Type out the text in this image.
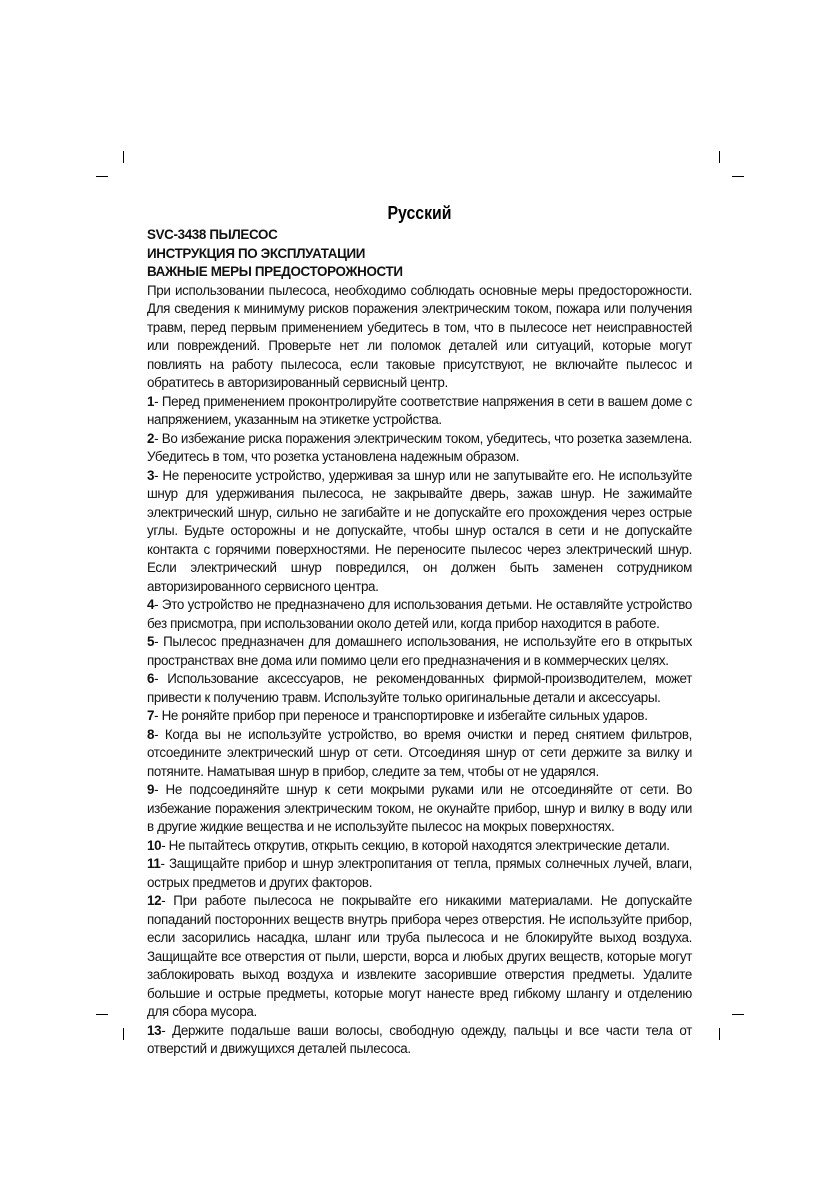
Русский

SVC-3438 ПЫЛЕСОС

ИНСТРУКЦИЯ ПО ЭКСПЛУАТАЦИИ

ВАЖНЫЕ МЕРЫ ПРЕДОСТОРОЖНОСТИ

При использовании пылесоса, необходимо соблюдать основные меры предосторожности. Для сведения к минимуму рисков поражения электрическим током, пожара или получения травм, перед первым применением убедитесь в том, что в пылесосе нет неисправностей или повреждений. Проверьте нет ли поломок деталей или ситуаций, которые могут повлиять на работу пылесоса, если таковые присутствуют, не включайте пылесос и обратитесь в авторизированный сервисный центр.

1- Перед применением проконтролируйте соответствие напряжения в сети в вашем доме с напряжением, указанным на этикетке устройства.

2- Во избежание риска поражения электрическим током, убедитесь, что розетка заземлена. Убедитесь в том, что розетка установлена надежным образом.

3- Не переносите устройство, удерживая за шнур или не запутывайте его. Не используйте шнур для удерживания пылесоса, не закрывайте дверь, зажав шнур. Не зажимайте электрический шнур, сильно не загибайте и не допускайте его прохождения через острые углы. Будьте осторожны и не допускайте, чтобы шнур остался в сети и не допускайте контакта с горячими поверхностями. Не переносите пылесос через электрический шнур. Если электрический шнур повредился, он должен быть заменен сотрудником авторизированного сервисного центра.

4- Это устройство не предназначено для использования детьми. Не оставляйте устройство без присмотра, при использовании около детей или, когда прибор находится в работе.

5- Пылесос предназначен для домашнего использования, не используйте его в открытых пространствах вне дома или помимо цели его предназначения и в коммерческих целях.

6- Использование аксессуаров, не рекомендованных фирмой-производителем, может привести к получению травм. Используйте только оригинальные детали и аксессуары.

7- Не роняйте прибор при переносе и транспортировке и избегайте сильных ударов.

8- Когда вы не используйте устройство, во время очистки и перед снятием фильтров, отсоедините электрический шнур от сети. Отсоединяя шнур от сети держите за вилку и потяните. Наматывая шнур в прибор, следите за тем, чтобы от не ударялся.

9- Не подсоединяйте шнур к сети мокрыми руками или не отсоединяйте от сети. Во избежание поражения электрическим током, не окунайте прибор, шнур и вилку в воду или в другие жидкие вещества и не используйте пылесос на мокрых поверхностях.

10- Не пытайтесь открутив, открыть секцию, в которой находятся электрические детали.

11- Защищайте прибор и шнур электропитания от тепла, прямых солнечных лучей, влаги, острых предметов и других факторов.

12- При работе пылесоса не покрывайте его никакими материалами. Не допускайте попаданий посторонних веществ внутрь прибора через отверстия. Не используйте прибор, если засорились насадка, шланг или труба пылесоса и не блокируйте выход воздуха. Защищайте все отверстия от пыли, шерсти, ворса и любых других веществ, которые могут заблокировать выход воздуха и извлеките засорившие отверстия предметы. Удалите большие и острые предметы, которые могут нанесте вред гибкому шлангу и отделению для сбора мусора.

13- Держите подальше ваши волосы, свободную одежду, пальцы и все части тела от отверстий и движущихся деталей пылесоса.
